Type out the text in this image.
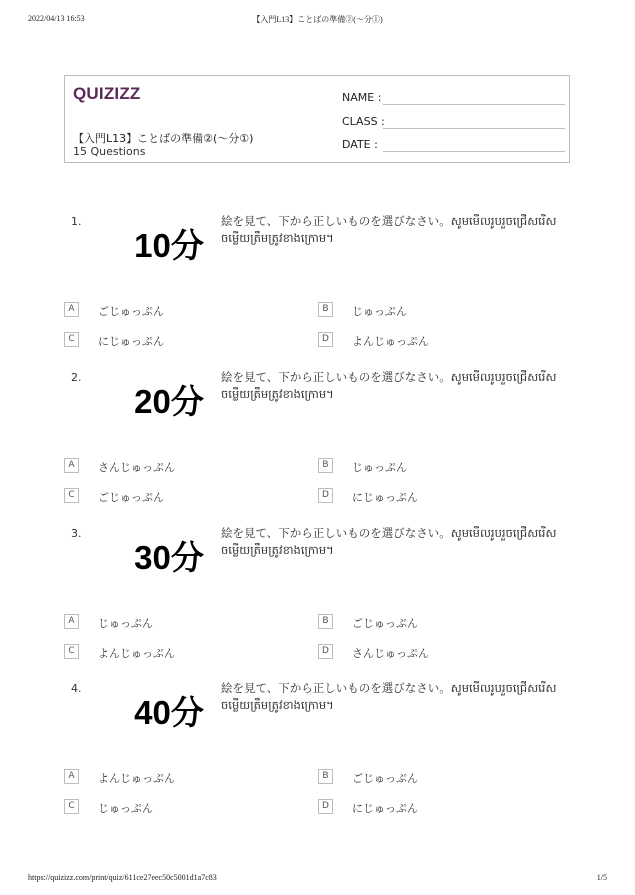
2022/04/13 16:53	【入門L13】ことばの準備②(〜分①)
QUIZIZZ
【入門L13】ことばの準備②(〜分①)
15 Questions
NAME :
CLASS :
DATE :
1.
10分
絵を見て、下から正しいものを選びなさい。សូមមើលរូបរួចជ្រើសរើសចម្លើយត្រឹមត្រូវខាងក្រោម។
A	ごじゅっぷん	B	じゅっぷん
C	にじゅっぷん	D	よんじゅっぷん
2.
20分
絵を見て、下から正しいものを選びなさい。សូមមើលរូបរួចជ្រើសរើសចម្លើយត្រឹមត្រូវខាងក្រោម។
A	さんじゅっぷん	B	じゅっぷん
C	ごじゅっぷん	D	にじゅっぷん
3.
30分
絵を見て、下から正しいものを選びなさい。សូមមើលរូបរួចជ្រើសរើសចម្លើយត្រឹមត្រូវខាងក្រោម។
A	じゅっぷん	B	ごじゅっぷん
C	よんじゅっぷん	D	さんじゅっぷん
4.
40分
絵を見て、下から正しいものを選びなさい。សូមមើលរូបរួចជ្រើសរើសចម្លើយត្រឹមត្រូវខាងក្រោម។
A	よんじゅっぷん	B	ごじゅっぷん
C	じゅっぷん	D	にじゅっぷん
https://quizizz.com/print/quiz/611ce27eec50c5001d1a7c83	1/5
